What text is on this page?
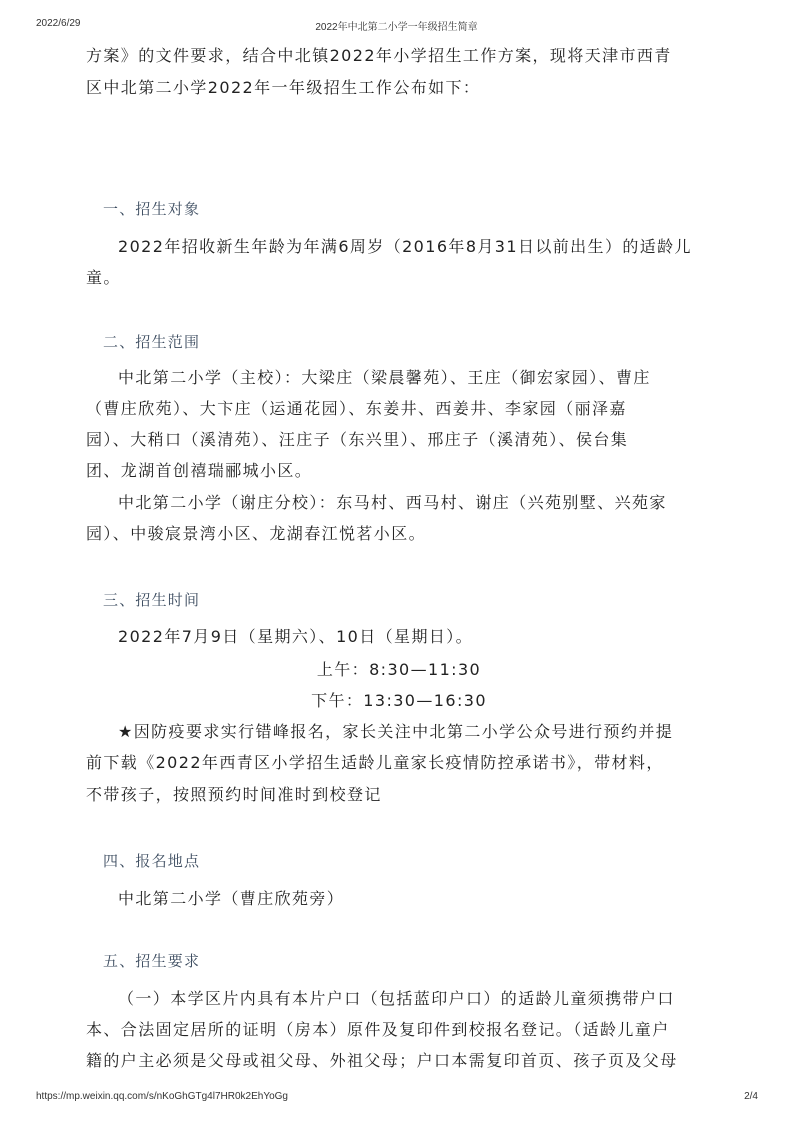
2022/6/29	2022年中北第二小学一年级招生简章
方案》的文件要求，结合中北镇2022年小学招生工作方案，现将天津市西青
区中北第二小学2022年一年级招生工作公布如下：
一、招生对象
2022年招收新生年龄为年满6周岁（2016年8月31日以前出生）的适龄儿
童。
二、招生范围
中北第二小学（主校）：大梁庄（梁晨馨苑）、王庄（御宏家园）、曹庄
（曹庄欣苑）、大卞庄（运通花园）、东姜井、西姜井、李家园（丽泽嘉
园）、大稍口（溪清苑）、汪庄子（东兴里）、邢庄子（溪清苑）、侯台集
团、龙湖首创禧瑞郦城小区。
中北第二小学（谢庄分校）：东马村、西马村、谢庄（兴苑别墅、兴苑家
园）、中骏宸景湾小区、龙湖春江悦茗小区。
三、招生时间
2022年7月9日（星期六）、10日（星期日）。
上午：8:30—11:30
下午：13:30—16:30
★因防疫要求实行错峰报名，家长关注中北第二小学公众号进行预约并提
前下载《2022年西青区小学招生适龄儿童家长疫情防控承诺书》，带材料，
不带孩子，按照预约时间准时到校登记
四、报名地点
中北第二小学（曹庄欣苑旁）
五、招生要求
（一）本学区片内具有本片户口（包括蓝印户口）的适龄儿童须携带户口
本、合法固定居所的证明（房本）原件及复印件到校报名登记。（适龄儿童户
籍的户主必须是父母或祖父母、外祖父母；户口本需复印首页、孩子页及父母
https://mp.weixin.qq.com/s/nKoGhGTg4l7HR0k2EhYoGg	2/4
